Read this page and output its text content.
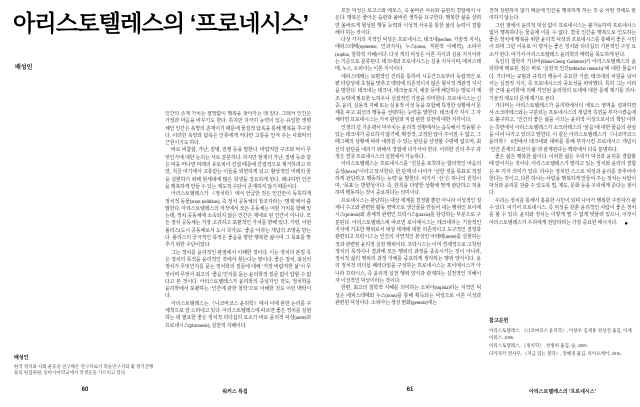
아리스토텔레스의 ‘프로네시스’
배성인

인간의 존재 가치는 절망없이 행복을 찾아가는 데 있다. 그래서 인간은 가정과 마음을 바꾸기도 한다. 하지만 지극히 능력이 있는 유일한 생명체인 인간은 욕망의 존재이기 때문에 물질적 탐욕을 통해 행복을 추구한다. 이러한 욕망과 탐욕은 인류에게 커다란 고통을 안겨 주는 사회악의 근원이기도 하다.

바로 비참함, 가난, 질병, 전쟁 등을 말한다. 바람직한 구조와 악이 무엇인가에 대한 논의는 서로 분분하다. 하지만 현재의 가난, 질병 등과 같은 악을 머나먼 미래의 유토피아 건설 때문에 간접적으로 제거하려고 하면, 지금 여기에서 고통받는 이들을 외면하게 되고, 환상적인 미래의 꿈을 실현하기 위해 현세대에 많은 희생을 강요하게 된다. 왜냐하면 인간을 행복하게 만들 수 있는 제도적 수단이 존재하지 않기 때문이다.

아리스토텔레스가 《정치학》에서 언급한 것은 인간만이 독특하게 정치적 동물(zoon politikos), 즉 정치 공동체의 창조자라는 ‘명제’에서 출발한다. 아리스토텔레스의 저작에서 모든 공동체는 어떤 가치를 향해 있는데, 정치 공동체에 소속되지 않은 인간은 제대로 된 인간이 아니다. 모든 정치 공동체는 가장 고귀하고 포괄적인 가치를 향해 있다. 가령, 어떤 폴리스(도시 공동체로서 도시 국가)도 ‘좋음’이라는 개념의 조명을 받는다. 폴리스의 궁극적인 목적은 좋음을 향한 행복한 삶이며 그 목표를 맞추기 위한 수단이었다.

그는 정치를 윤리적인 관점에서 이해한 것이다. 이는 정치의 본질 혹은 정치의 목적을 윤리적인 것에서 찾는다는 말이다. 좋은 정치, 최선의 정치가 무엇인지를 묻는 정치학의 질문에 대해 ‘가장 바람직한 삶’이 무엇이며 무엇이 최고의 ‘좋음’인지를 묻는 윤리학적 질문 없이 답할 수 없다고 본 것이다. 아리스토텔레스가 윤리학의 중심자인 것도, 정치학을 윤리학에서 포괄하는 ‘인간에 관한 철학’으로 이해한 것도 이런 맥락이다.

아리스토텔레스는 《니코마코스 윤리학》에서 이에 관한 논리를 구체적으로 잘 드러내고 있다. 아리스토텔레스에 따르면 좋은 정치를 실현하는 데 필요한 좋은 정치적 리더십의 요소가 바로 윤리적 덕성(arete)과 프로네시스(phronesis), 실천적 지혜이다.

배성인
한국 정치와 사회 운동을 연구해온 연구자로서 학술연구지와 몇 정기간행물의 편집위원, 동아시아학교에서 학생들을 가르치고 있다.
60	워커스 특집

모든 덕성은 로고스와 에토스, 즉 올바른 사유와 습관의 결합에서 나온다. 행복은 좋아온 습관과 올바른 생각을 요구한다. 행복한 삶을 살려면 올바르게 형성된 행동 능력과 이성적 사유를 통한 삶의 능력이 결합해야 하는 것이다.

다섯 가지의 지적인 덕성은 프로네시스, 테크네(techne, 기술적 지식), 에피스테메(episteme, 인과지식), 누스(nous, 직관적 이해력), 소피아(sophia, 철학적 지혜)이다. 다섯 개의 덕성은 이론 지식과 실용 지식이라는 기준으로 분류된다. 테크네와 프로네시스는 실용 지식이며, 에피스테메, 누스, 소피아는 이론 지식이다.

에피스테메는 보편적인 진리를 통하여 시공간으로부터 독립적인 보편 타당성에 초점을 맞추고 맥락에 의존적이지 않은 형식적 객관적 지식을 말한다. 테크네는 테크닉, 테크놀로지, 예술 등에 해당하는 말로서 제조 능력에 필요한 노하우나 실질적인 기술을 의미한다. 프로네시스는 신중, 윤리, 실용적 지혜 또는 실용적 이성 등을 포함해 특정한 상황에서 문제를 두고 최선의 행동을 선택하는 능력을 말한다. 테크네가 지식 그 자체라면 프로네시스는 가치 판단과 직접 관한 실천에 대한 지각이다.

인생의 길 가운데서 마주치는 윤리적 상황에서는 습득해서 적용할 수 있는 테크네가 중요하지 않기에, 확정적, 고정된 답이 주어질 수 없고, 그때그때의 상황에 따라 내려질 수 있는 판단을 상정할 수밖에 없으며, 최선의 판단을 내리기 위해서 경험에 다가서야 한다. 이러한 진리 추구 과정은 결국 프로네시스의 실천에서 가능하다.

아리스토텔레스는 프로네시스를 "진실을 포착하는 합리적인 마음의 습성(hexis)"이라고 묘사한다. 한 단계 더 나아가 "선한 것을 목표로 적절하게 판단하고 행동하는 능력"을 말한다. 여기서 ‘선’은 하나의 원칙이며, ‘목표’는 방향성이다. 즉, 원칙을 다양한 상황에 맞게 판단하고 적용하며 행동하는 것이 중요하다는 의미이다.

프로네시스는 판단하는 대상 세계를 결정할 뿐만 아니라 이성적인 설계나 수고와 관련된 활동 영역으로 생산물을 만들어 내는 행위인 포이에시스(poiesis)와 총체적 관련인 프락시스(praxis)를 담당하는 부분으로 구분된다. 아리스토텔레스에 따르면 포이에시스는 테크네라는 기술적인 지식에 기초한 행위로서 대상 세계에 대한 의존적이고 도구적인 결정과 관련되고 프락시스는 인간의 자연적인 본성인 아레테(arete)를 실현하는 것과 관련된 윤리적 실천 행위이다. 프락시스는 이미 경제적으로 고착된 정치의 목적이나 결과에 모든 행위의 과정을 종속시키는 것이 아니라, 정치적 삶의 행위의 과정 자체를 중요하게 생각하는 행위 양식이다. 윤리 정치적 리더십 패러다임을 구성하는 프로네시스는 포이에시스가 아니라 프락시스, 즉 윤리적 실천 행위 양식과 관계하는 실천적인 지혜이자 이성적인 덕성이라는 것이다.

한편, 최고의 철학적 지혜를 의미하는 소피아(sophia)라는 지적인 덕성은 에피스테메와 누스(nous)를 통해 획득되는 덕성으로 이론 이성과 관련된 덕성이다. 소피아는 생성 변화(genesis)에는

전혀 상관하지 않기 때문에 인간을 행복하게 하는 것 중 어떤 것에도 관여하지 않는다.

그런 점에서 윤리적 덕성 없이 프로네시스는 불가능하며 프로네시스 없이 행복하다는 물음에 이를 수 없다. 결국 인간을 행복으로 인도하는 좋은 정치에 행복을 위한 윤리적 덕성과 프로네시스를 통해서 좋은 시민이 되며 그런 이유로 이 양자는 좋은 정치와 리더십의 기본적인 구성 요소가 된다. 여기서 아리스토텔레스 윤리학의 매력을 목도하게 된다.

독일의 철학자 가다머(Hans-Georg Gadamer)가 아리스토텔레스의 윤리학에 매료된 점은 바로 ‘실천적 인간(ethische mensch)’에 대한 물음이다. 가다머는 규범과 규칙의 행동이 중요한 기술, 테크네의 차원을 넘어서는 실천적 지식, 즉 프로네시스의 중요성을 파악했다. 특히 그는 이러한 근대 윤리학에 의해 각인된 윤리학의 토대에 대한 문제 제기를 의사-기술적 제도의 문제 제기로 본다.

가다머는 아리스토텔레스가 윤리학에서의 에토스 영역을 설파하면서 소크라테스와는 구분되는 프로네시스의 개념적 측면을 부각시켰음에도 불구하고, ‘인간의 좋은 삶을 이끄는 윤리적 이성으로서의 책임’이라는 측면에서 아리스토텔레스가 소크라테스의 ‘물음’에 대한 물음의 관심을 이어 나가고 있다고 말한다. 이 같은 아리스토텔레스가 《니코마코스 윤리학》 6권에서 테크네와 대비를 통해 부각시킨 프로네시스 개념이 ‘인간 존재의 최선의 삶’과 관계된다는 맥락에서 더욱 분명하다.

좋은 삶은 행복한 삶이다. 이러한 삶은 우리가 덕성과 윤리를 결합할 때 얻어지는 것이다. 아리스토텔레스가 말하고 있는 정치와 윤리의 결합은 두 가지 의미가 있다. 하나는 정치인 스스로 덕성과 윤리를 갖추어야 한다는 것이고, 다른 하나는 사람을 행복하게 만들어 주는 정치는 사람이 덕성과 윤리를 갖출 수 있도록 법, 제도, 문화 등을 우리에게 준다는 점이다.

우리는 정치를 통해서 훌륭한 시민이 되며 나아가 행복한 주권자가 될 수 있다. 여기서 프로네시스, 즉 덕성을 갖춘 윤리적인 사람이 좋은 정치를 할 수 있다. 윤리와 정치는 이렇게 뗄 수 없게 맞물려 있으니, 이것이 아리스토텔레스가 우리에게 전달하려는 가장 중요한 메시지다. ●

참고문헌

아리스토텔레스, 《니코마코스 윤리학》, 이창우·김재홍·강상진 옮김, 이제이북스, 2006.

아리스토텔레스, 《정치학》, 천병희 옮김, 숲, 2009.

다카자키 겐사쿠, 《지금 있는 철학》, 장혜경 옮김, 라이프케어, 2016.

61	아리스토텔레스의 ‘프로네시스’
